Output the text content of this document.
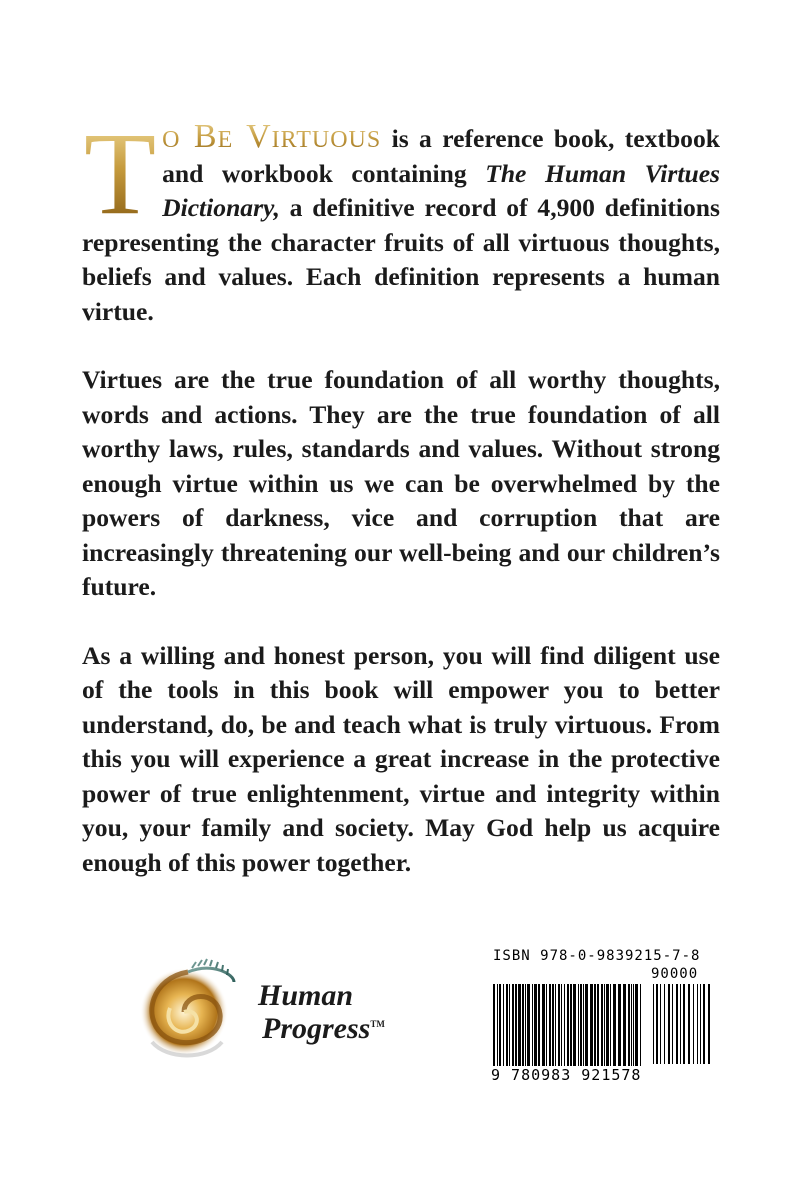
T o Be Virtuous is a reference book, textbook and workbook containing The Human Virtues Dictionary, a definitive record of 4,900 definitions representing the character fruits of all virtuous thoughts, beliefs and values. Each definition represents a human virtue.

Virtues are the true foundation of all worthy thoughts, words and actions. They are the true foundation of all worthy laws, rules, standards and values. Without strong enough virtue within us we can be overwhelmed by the powers of darkness, vice and corruption that are increasingly threatening our well-being and our children’s future.

As a willing and honest person, you will find diligent use of the tools in this book will empower you to better understand, do, be and teach what is truly virtuous. From this you will experience a great increase in the protective power of true enlightenment, virtue and integrity within you, your family and society. May God help us acquire enough of this power together.

Human
Progress™
ISBN 978-0-9839215-7-8
90000
9 780983 921578
